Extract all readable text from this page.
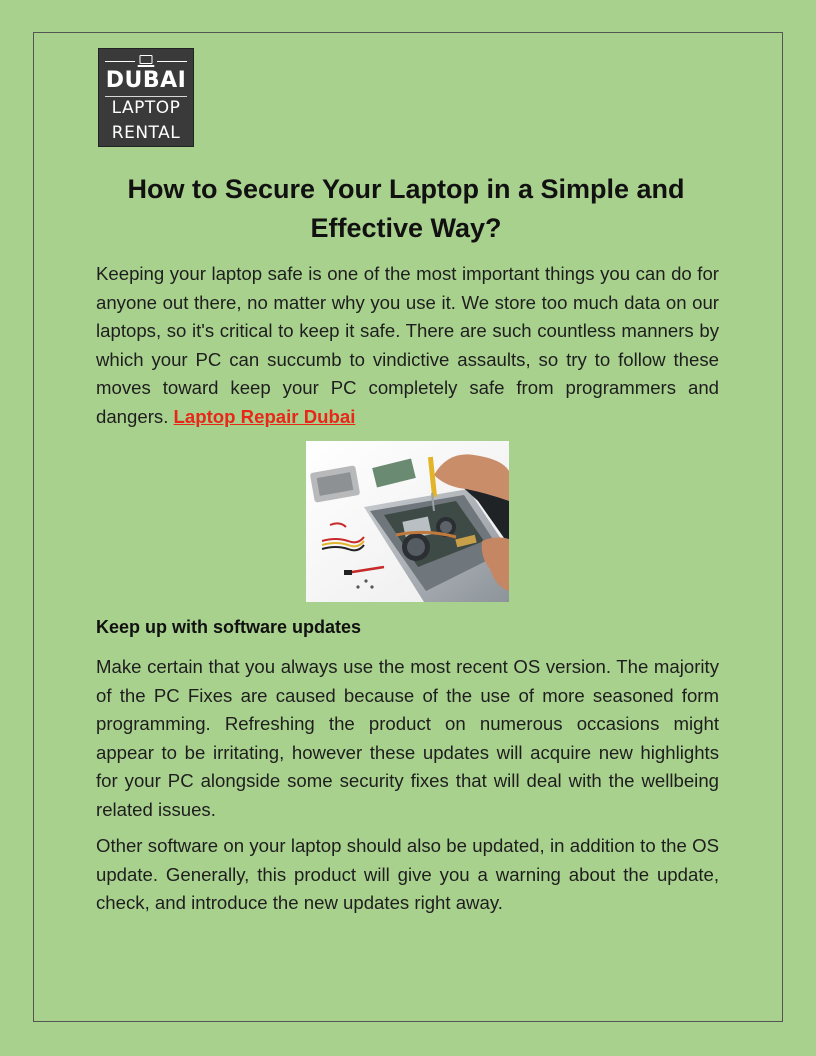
DUBAI
LAPTOP
RENTAL
How to Secure Your Laptop in a Simple and Effective Way?

Keeping your laptop safe is one of the most important things you can do for anyone out there, no matter why you use it. We store too much data on our laptops, so it's critical to keep it safe. There are such countless manners by which your PC can succumb to vindictive assaults, so try to follow these moves toward keep your PC completely safe from programmers and dangers. Laptop Repair Dubai

Keep up with software updates

Make certain that you always use the most recent OS version. The majority of the PC Fixes are caused because of the use of more seasoned form programming. Refreshing the product on numerous occasions might appear to be irritating, however these updates will acquire new highlights for your PC alongside some security fixes that will deal with the wellbeing related issues.

Other software on your laptop should also be updated, in addition to the OS update. Generally, this product will give you a warning about the update, check, and introduce the new updates right away.
